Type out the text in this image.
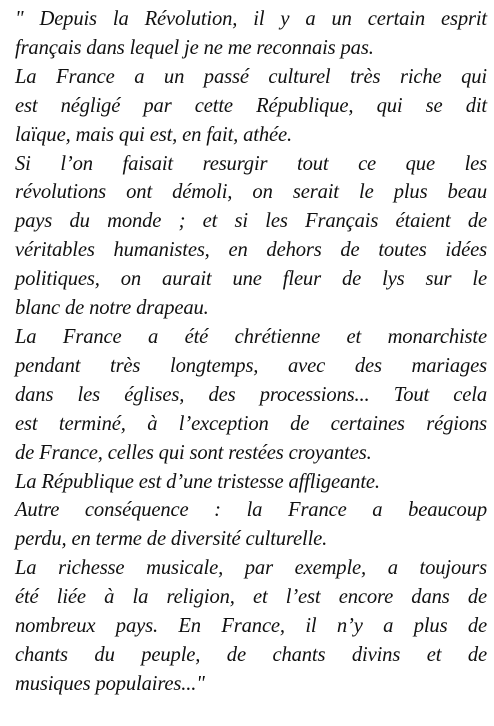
" Depuis la Révolution, il y a un certain esprit
français dans lequel je ne me reconnais pas.
La France a un passé culturel très riche qui
est négligé par cette République, qui se dit
laïque, mais qui est, en fait, athée.
Si l’on faisait resurgir tout ce que les
révolutions ont démoli, on serait le plus beau
pays du monde ; et si les Français étaient de
véritables humanistes, en dehors de toutes idées
politiques, on aurait une fleur de lys sur le
blanc de notre drapeau.
La France a été chrétienne et monarchiste
pendant très longtemps, avec des mariages
dans les églises, des processions... Tout cela
est terminé, à l’exception de certaines régions
de France, celles qui sont restées croyantes.
La République est d’une tristesse affligeante.
Autre conséquence : la France a beaucoup
perdu, en terme de diversité culturelle.
La richesse musicale, par exemple, a toujours
été liée à la religion, et l’est encore dans de
nombreux pays. En France, il n’y a plus de
chants du peuple, de chants divins et de
musiques populaires..."
